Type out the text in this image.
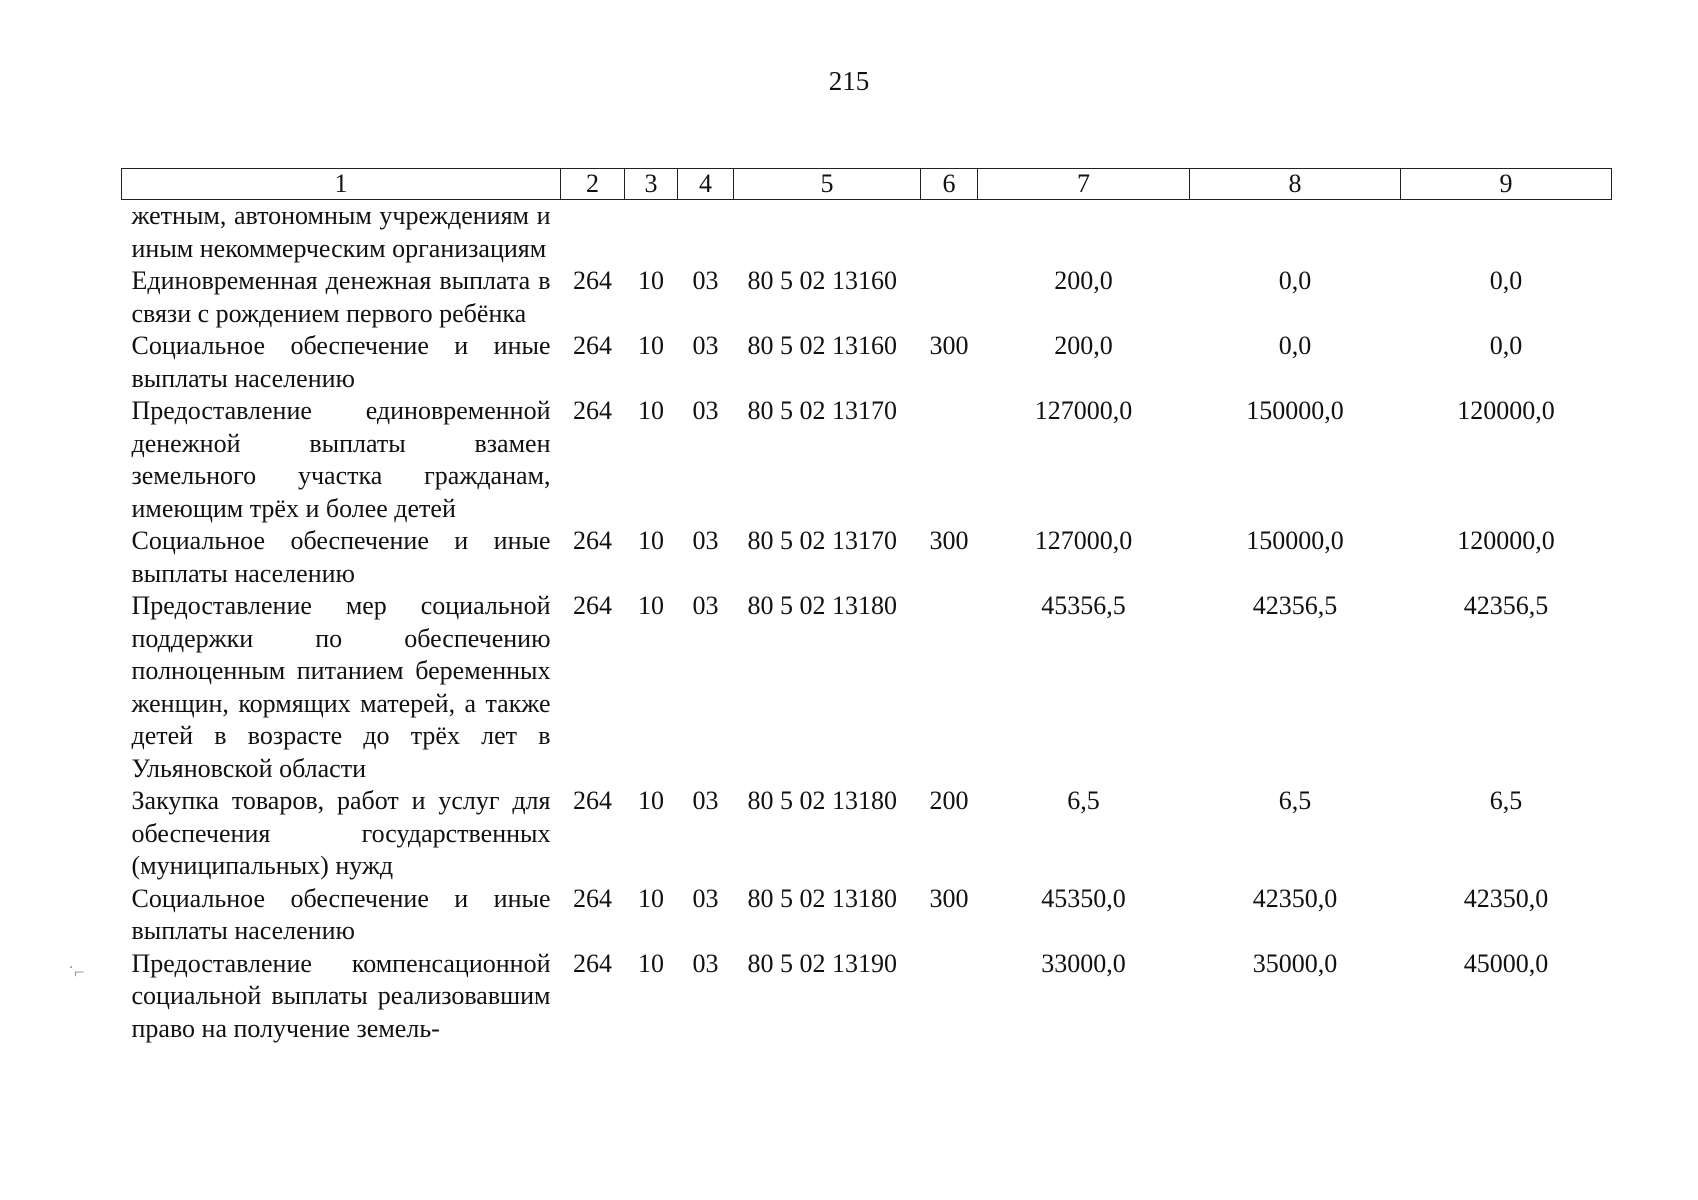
215
1	2	3	4	5	6	7	8	9
жетным, автономным учреждениям и иным некоммерческим организациям								
Единовременная денежная выплата в связи с рождением первого ребёнка	264	10	03	80 5 02 13160		200,0	0,0	0,0
Социальное обеспечение и иные выплаты населению	264	10	03	80 5 02 13160	300	200,0	0,0	0,0
Предоставление единовременной денежной выплаты взамен земельного участка гражданам, имеющим трёх и более детей	264	10	03	80 5 02 13170		127000,0	150000,0	120000,0
Социальное обеспечение и иные выплаты населению	264	10	03	80 5 02 13170	300	127000,0	150000,0	120000,0
Предоставление мер социальной поддержки по обеспечению полноценным питанием беременных женщин, кормящих матерей, а также детей в возрасте до трёх лет в Ульяновской области	264	10	03	80 5 02 13180		45356,5	42356,5	42356,5
Закупка товаров, работ и услуг для обеспечения государственных (муниципальных) нужд	264	10	03	80 5 02 13180	200	6,5	6,5	6,5
Социальное обеспечение и иные выплаты населению	264	10	03	80 5 02 13180	300	45350,0	42350,0	42350,0
Предоставление компенсационной социальной выплаты реализовавшим право на получение земель-	264	10	03	80 5 02 13190		33000,0	35000,0	45000,0
˙⌐
